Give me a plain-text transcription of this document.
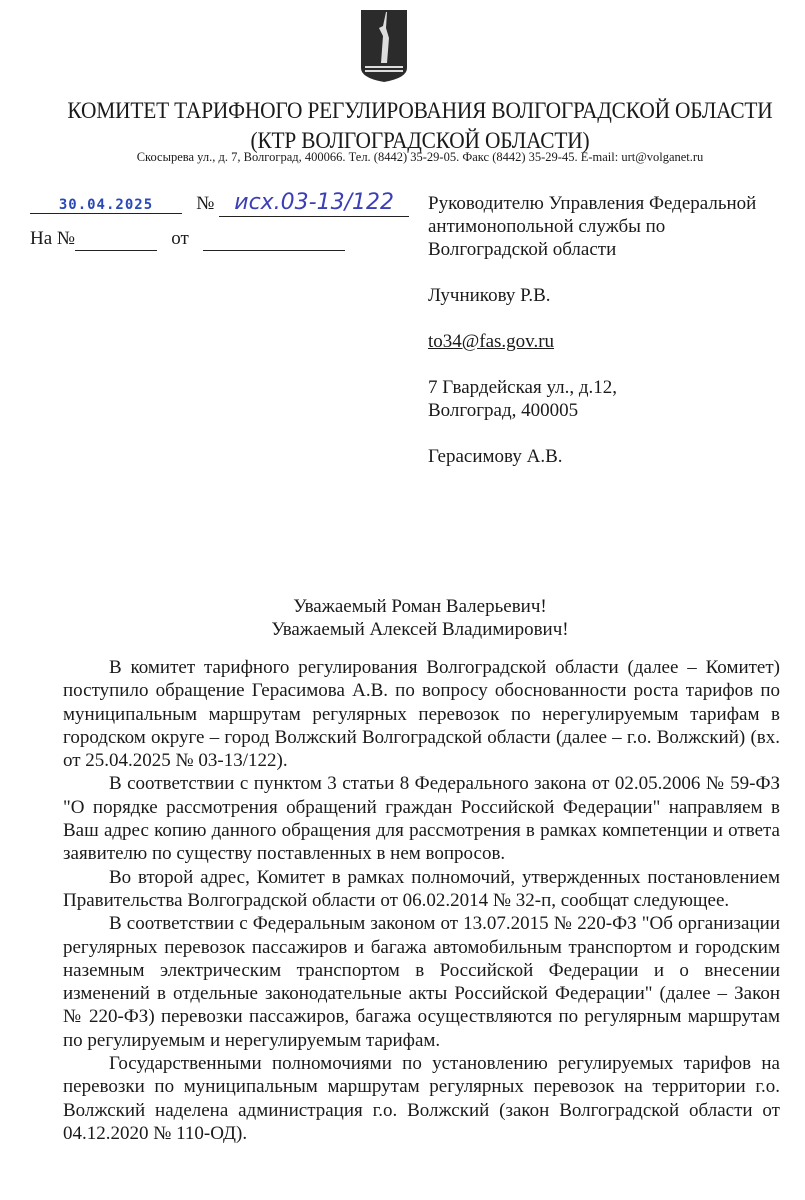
КОМИТЕТ ТАРИФНОГО РЕГУЛИРОВАНИЯ ВОЛГОГРАДСКОЙ ОБЛАСТИ
(КТР ВОЛГОГРАДСКОЙ ОБЛАСТИ)
Скосырева ул., д. 7, Волгоград, 400066. Тел. (8442) 35-29-05. Факс (8442) 35-29-45. E-mail: urt@volganet.ru
30.04.2025 № исх.03-13/122
На №	от

Руководителю Управления Федеральной антимонопольной службы по Волгоградской области

Лучникову Р.В.

to34@fas.gov.ru

7 Гвардейская ул., д.12,
Волгоград, 400005

Герасимову А.В.

Уважаемый Роман Валерьевич!
Уважаемый Алексей Владимирович!

В комитет тарифного регулирования Волгоградской области (далее – Комитет) поступило обращение Герасимова А.В. по вопросу обоснованности роста тарифов по муниципальным маршрутам регулярных перевозок по нерегулируемым тарифам в городском округе – город Волжский Волгоградской области (далее – г.о. Волжский) (вх. от 25.04.2025 № 03-13/122).

В соответствии с пунктом 3 статьи 8 Федерального закона от 02.05.2006 № 59-ФЗ "О порядке рассмотрения обращений граждан Российской Федерации" направляем в Ваш адрес копию данного обращения для рассмотрения в рамках компетенции и ответа заявителю по существу поставленных в нем вопросов.

Во второй адрес, Комитет в рамках полномочий, утвержденных постановлением Правительства Волгоградской области от 06.02.2014 № 32-п, сообщат следующее.

В соответствии с Федеральным законом от 13.07.2015 № 220-ФЗ "Об организации регулярных перевозок пассажиров и багажа автомобильным транспортом и городским наземным электрическим транспортом в Российской Федерации и о внесении изменений в отдельные законодательные акты Российской Федерации" (далее – Закон № 220-ФЗ) перевозки пассажиров, багажа осуществляются по регулярным маршрутам по регулируемым и нерегулируемым тарифам.

Государственными полномочиями по установлению регулируемых тарифов на перевозки по муниципальным маршрутам регулярных перевозок на территории г.о. Волжский наделена администрация г.о. Волжский (закон Волгоградской области от 04.12.2020 № 110-ОД).
